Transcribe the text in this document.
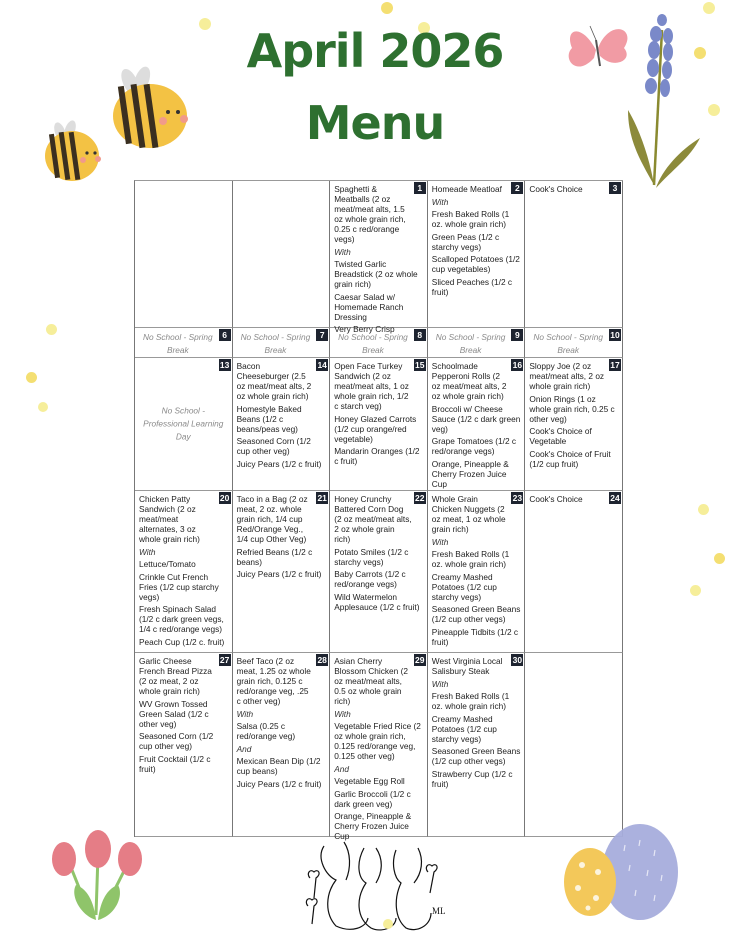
April 2026
Menu
1
Spaghetti & Meatballs (2 oz meat/meat alts, 1.5 oz whole grain rich, 0.25 c red/orange vegs)
With
Twisted Garlic Breadstick (2 oz whole grain rich)
Caesar Salad w/ Homemade Ranch Dressing
Very Berry Crisp
2
Homeade Meatloaf
With
Fresh Baked Rolls (1 oz. whole grain rich)
Green Peas (1/2 c starchy vegs)
Scalloped Potatoes (1/2 cup vegetables)
Sliced Peaches (1/2 c fruit)
3
Cook's Choice
6
No School - Spring Break
7
No School - Spring Break
8
No School - Spring Break
9
No School - Spring Break
10
No School - Spring Break
13
No School - Professional Learning Day
14
Bacon Cheeseburger (2.5 oz meat/meat alts, 2 oz whole grain rich)
Homestyle Baked Beans (1/2 c beans/peas veg)
Seasoned Corn (1/2 cup other veg)
Juicy Pears (1/2 c fruit)
15
Open Face Turkey Sandwich (2 oz meat/meat alts, 1 oz whole grain rich, 1/2 c starch veg)
Honey Glazed Carrots (1/2 cup orange/red vegetable)
Mandarin Oranges (1/2 c fruit)
16
Schoolmade Pepperoni Rolls (2 oz meat/meat alts, 2 oz whole grain rich)
Broccoli w/ Cheese Sauce (1/2 c dark green veg)
Grape Tomatoes (1/2 c red/orange vegs)
Orange, Pineapple & Cherry Frozen Juice Cup
17
Sloppy Joe (2 oz meat/meat alts, 2 oz whole grain rich)
Onion Rings (1 oz whole grain rich, 0.25 c other veg)
Cook's Choice of Vegetable
Cook's Choice of Fruit (1/2 cup fruit)
20
Chicken Patty Sandwich (2 oz meat/meat alternates, 3 oz whole grain rich)
With
Lettuce/Tomato
Crinkle Cut French Fries (1/2 cup starchy vegs)
Fresh Spinach Salad (1/2 c dark green vegs, 1/4 c red/orange vegs)
Peach Cup (1/2 c. fruit)
21
Taco in a Bag (2 oz meat, 2 oz. whole grain rich, 1/4 cup Red/Orange Veg., 1/4 cup Other Veg)
Refried Beans (1/2 c beans)
Juicy Pears (1/2 c fruit)
22
Honey Crunchy Battered Corn Dog (2 oz meat/meat alts, 2 oz whole grain rich)
Potato Smiles (1/2 c starchy vegs)
Baby Carrots (1/2 c red/orange vegs)
Wild Watermelon Applesauce (1/2 c fruit)
23
Whole Grain Chicken Nuggets (2 oz meat, 1 oz whole grain rich)
With
Fresh Baked Rolls (1 oz. whole grain rich)
Creamy Mashed Potatoes (1/2 cup starchy vegs)
Seasoned Green Beans (1/2 cup other vegs)
Pineapple Tidbits (1/2 c fruit)
24
Cook's Choice
27
Garlic Cheese French Bread Pizza (2 oz meat, 2 oz whole grain rich)
WV Grown Tossed Green Salad (1/2 c other veg)
Seasoned Corn (1/2 cup other veg)
Fruit Cocktail (1/2 c fruit)
28
Beef Taco (2 oz meat, 1.25 oz whole grain rich, 0.125 c red/orange veg, .25 c other veg)
With
Salsa (0.25 c red/orange veg)
And
Mexican Bean Dip (1/2 cup beans)
Juicy Pears (1/2 c fruit)
29
Asian Cherry Blossom Chicken (2 oz meat/meat alts, 0.5 oz whole grain rich)
With
Vegetable Fried Rice (2 oz whole grain rich, 0.125 red/orange veg, 0.125 other veg)
And
Vegetable Egg Roll
Garlic Broccoli (1/2 c dark green veg)
Orange, Pineapple & Cherry Frozen Juice Cup
30
West Virginia Local Salisbury Steak
With
Fresh Baked Rolls (1 oz. whole grain rich)
Creamy Mashed Potatoes (1/2 cup starchy vegs)
Seasoned Green Beans (1/2 cup other vegs)
Strawberry Cup (1/2 c fruit)
ML
